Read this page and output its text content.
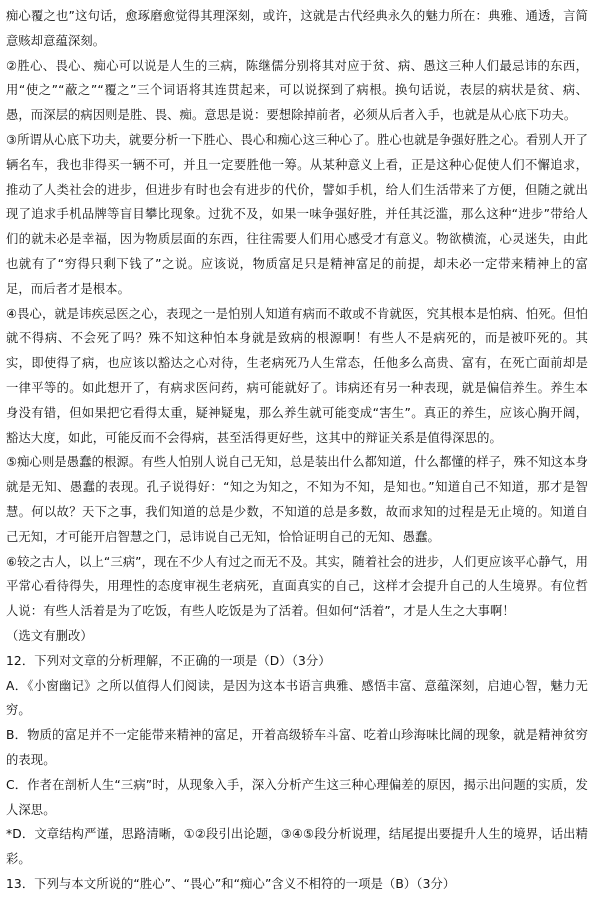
痴心覆之也”这句话，愈琢磨愈觉得其理深刻，或许，这就是古代经典永久的魅力所在：典雅、通透，言简意赅却意蕴深刻。

②胜心、畏心、痴心可以说是人生的三病，陈继儒分别将其对应于贫、病、愚这三种人们最忌讳的东西，用“使之”“蔽之”“覆之”三个词语将其连贯起来，可以说探到了病根。换句话说，表层的病状是贫、病、愚，而深层的病因则是胜、畏、痴。意思是说：要想除掉前者，必须从后者入手，也就是从心底下功夫。

③所谓从心底下功夫，就要分析一下胜心、畏心和痴心这三种心了。胜心也就是争强好胜之心。看别人开了辆名车，我也非得买一辆不可，并且一定要胜他一筹。从某种意义上看，正是这种心促使人们不懈追求，推动了人类社会的进步，但进步有时也会有进步的代价，譬如手机，给人们生活带来了方便，但随之就出现了追求手机品牌等盲目攀比现象。过犹不及，如果一味争强好胜，并任其泛滥，那么这种“进步”带给人们的就未必是幸福，因为物质层面的东西，往往需要人们用心感受才有意义。物欲横流，心灵迷失，由此也就有了“穷得只剩下钱了”之说。应该说，物质富足只是精神富足的前提，却未必一定带来精神上的富足，而后者才是根本。

④畏心，就是讳疾忌医之心，表现之一是怕别人知道有病而不敢或不肯就医，究其根本是怕病、怕死。但怕就不得病、不会死了吗？殊不知这种怕本身就是致病的根源啊！有些人不是病死的，而是被吓死的。其实，即使得了病，也应该以豁达之心对待，生老病死乃人生常态，任他多么高贵、富有，在死亡面前却是一律平等的。如此想开了，有病求医问药，病可能就好了。讳病还有另一种表现，就是偏信养生。养生本身没有错，但如果把它看得太重，疑神疑鬼，那么养生就可能变成“害生”。真正的养生，应该心胸开阔，豁达大度，如此，可能反而不会得病，甚至活得更好些，这其中的辩证关系是值得深思的。

⑤痴心则是愚蠢的根源。有些人怕别人说自己无知，总是装出什么都知道，什么都懂的样子，殊不知这本身就是无知、愚蠢的表现。孔子说得好：“知之为知之，不知为不知，是知也。”知道自己不知道，那才是智慧。何以故？天下之事，我们知道的总是少数，不知道的总是多数，故而求知的过程是无止境的。知道自己无知，才可能开启智慧之门，忌讳说自己无知，恰恰证明自己的无知、愚蠢。

⑥较之古人，以上“三病”，现在不少人有过之而无不及。其实，随着社会的进步，人们更应该平心静气，用平常心看待得失，用理性的态度审视生老病死，直面真实的自己，这样才会提升自己的人生境界。有位哲人说：有些人活着是为了吃饭，有些人吃饭是为了活着。但如何“活着”，才是人生之大事啊！

（选文有删改）

12．下列对文章的分析理解，不正确的一项是（D）（3分）

A．《小窗幽记》之所以值得人们阅读，是因为这本书语言典雅、感悟丰富、意蕴深刻，启迪心智，魅力无穷。

B．物质的富足并不一定能带来精神的富足，开着高级轿车斗富、吃着山珍海味比阔的现象，就是精神贫穷的表现。

C．作者在剖析人生“三病”时，从现象入手，深入分析产生这三种心理偏差的原因，揭示出问题的实质，发人深思。

*D．文章结构严谨，思路清晰，①②段引出论题，③④⑤段分析说理，结尾提出要提升人生的境界，话出精彩。

13．下列与本文所说的“胜心”、“畏心”和“痴心”含义不相符的一项是（B）（3分）
